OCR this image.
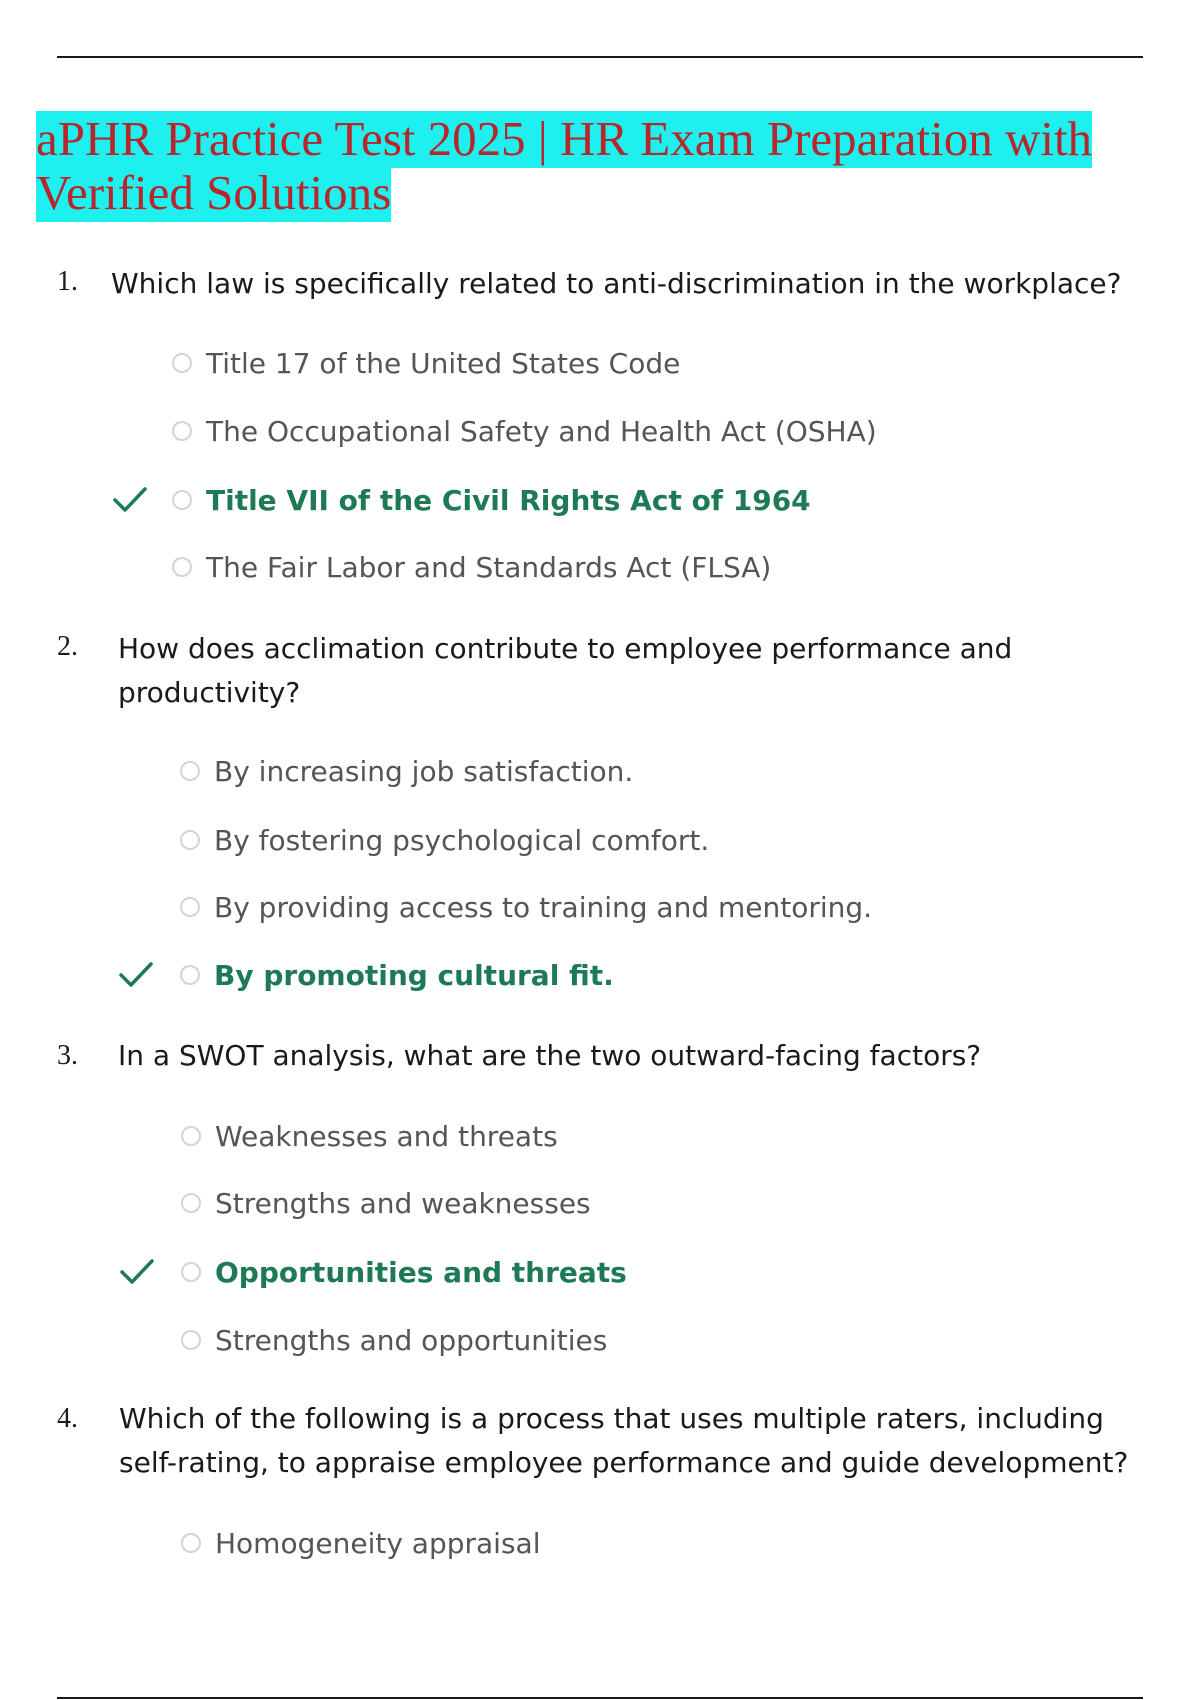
aPHR Practice Test 2025 | HR Exam Preparation with Verified Solutions
1. Which law is specifically related to anti-discrimination in the workplace?
Title 17 of the United States Code
The Occupational Safety and Health Act (OSHA)
Title VII of the Civil Rights Act of 1964
The Fair Labor and Standards Act (FLSA)
2. How does acclimation contribute to employee performance and productivity?
By increasing job satisfaction.
By fostering psychological comfort.
By providing access to training and mentoring.
By promoting cultural fit.
3. In a SWOT analysis, what are the two outward-facing factors?
Weaknesses and threats
Strengths and weaknesses
Opportunities and threats
Strengths and opportunities
4. Which of the following is a process that uses multiple raters, including self-rating, to appraise employee performance and guide development?
Homogeneity appraisal
